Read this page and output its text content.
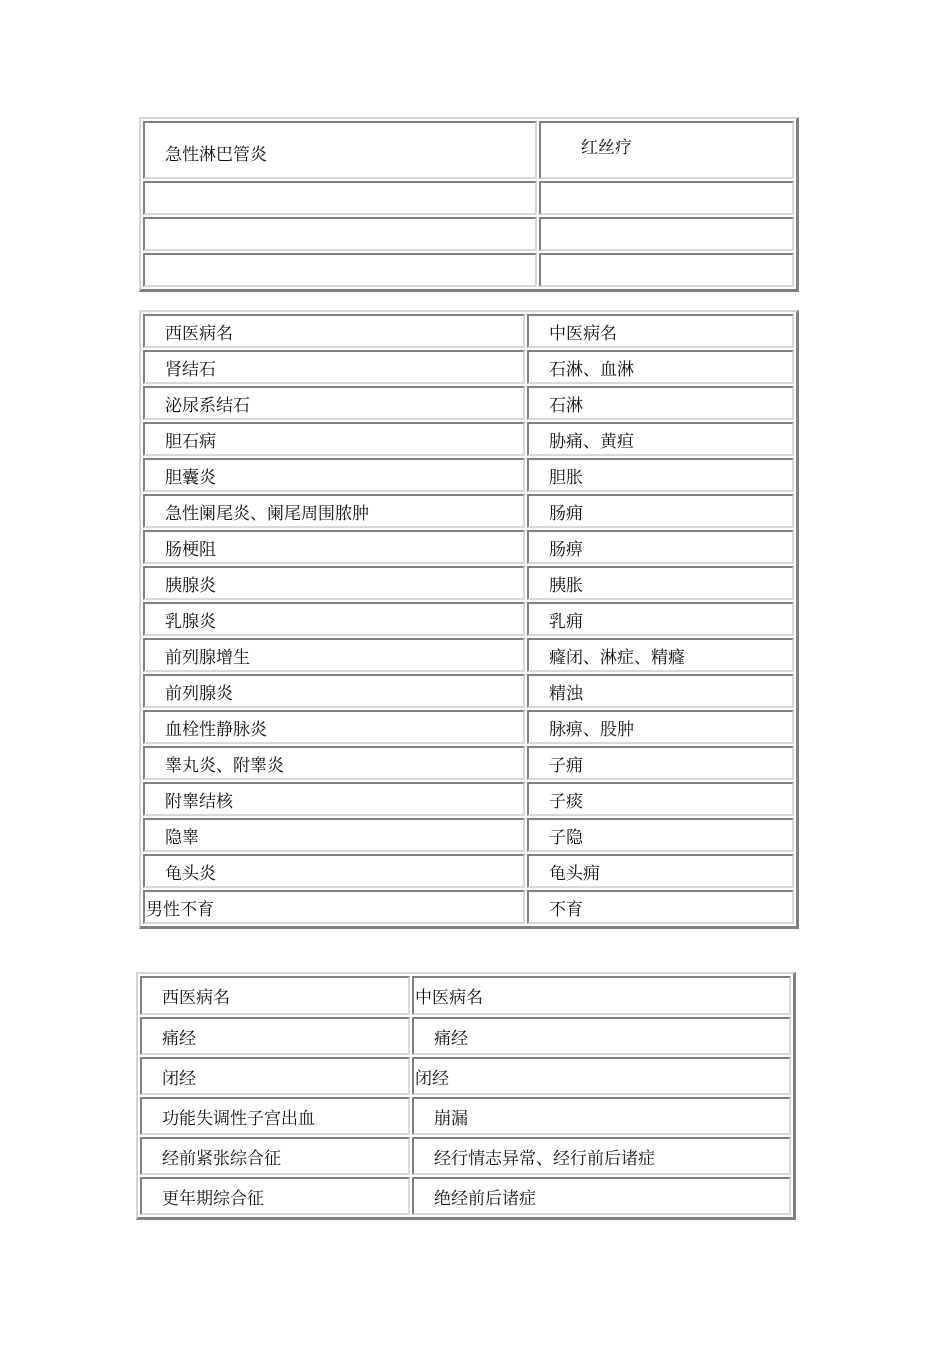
急性淋巴管炎	红丝疗

西医病名	中医病名
肾结石	石淋、血淋
泌尿系结石	石淋
胆石病	胁痛、黄疸
胆囊炎	胆胀
急性阑尾炎、阑尾周围脓肿	肠痈
肠梗阻	肠痹
胰腺炎	胰胀
乳腺炎	乳痈
前列腺增生	癃闭、淋症、精癃
前列腺炎	精浊
血栓性静脉炎	脉痹、股肿
睾丸炎、附睾炎	子痈
附睾结核	子痰
隐睾	子隐
龟头炎	龟头痈
男性不育	不育
西医病名	中医病名
痛经	痛经
闭经	闭经
功能失调性子宫出血	崩漏
经前紧张综合征	经行情志异常、经行前后诸症
更年期综合征	绝经前后诸症
